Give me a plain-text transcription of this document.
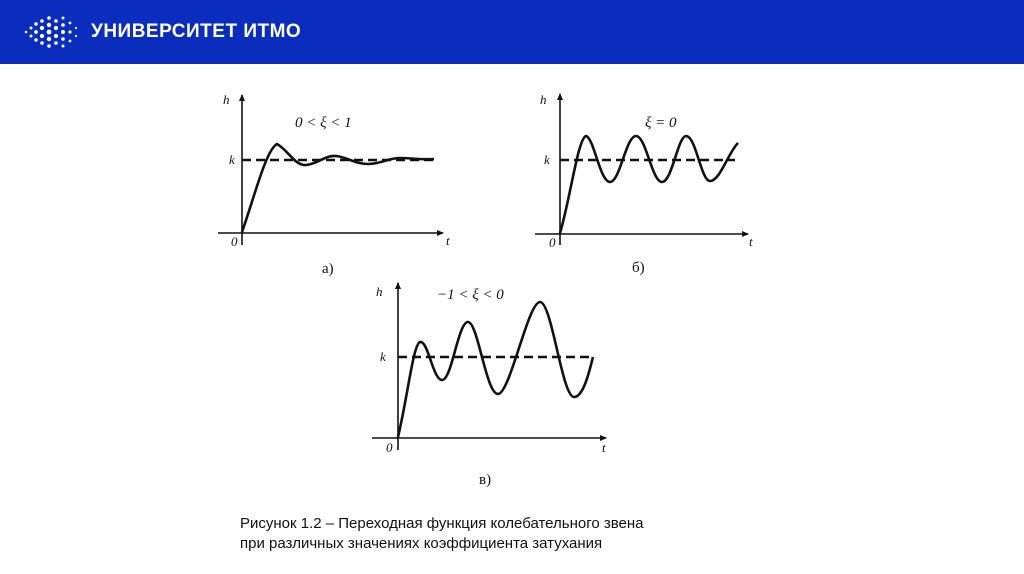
УНИВЕРСИТЕТ ИТМО
h
k
0	t
0 < ξ < 1
а)
h
k
0	t
ξ = 0
б)
h
k
0	t
−1 < ξ < 0
в)
Рисунок 1.2 – Переходная функция колебательного звена
при различных значениях коэффициента затухания
